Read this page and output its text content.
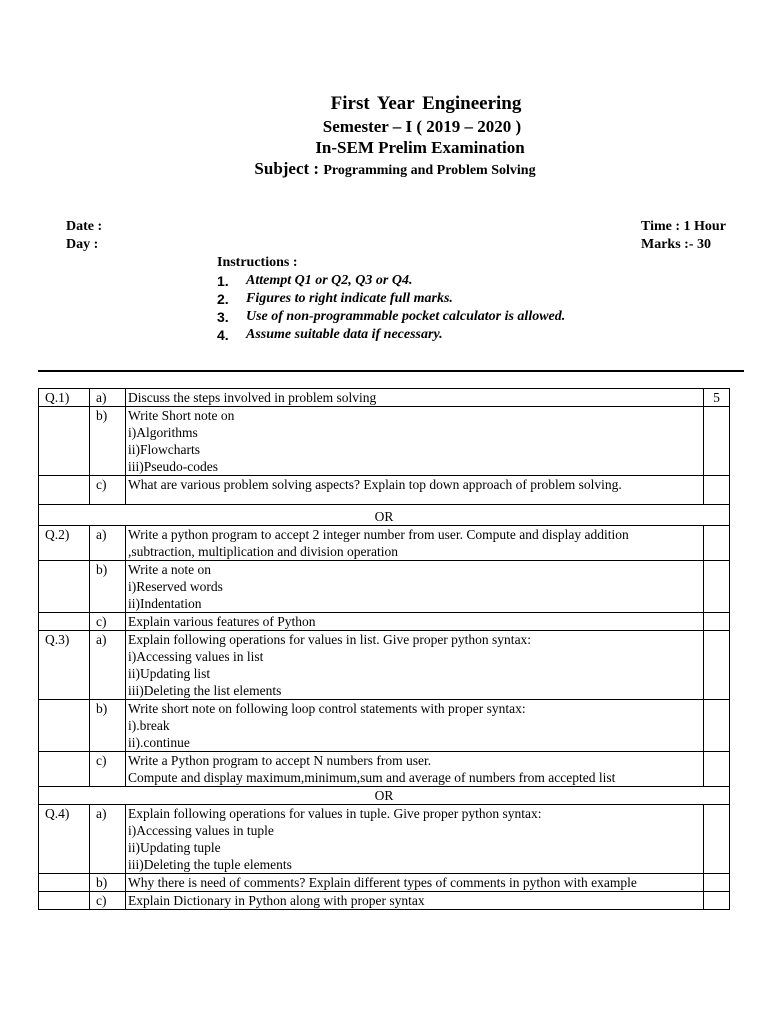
First Year Engineering
Semester – I ( 2019 – 2020 )
In-SEM Prelim Examination
Subject : Programming and Problem Solving
Date :
Day :
Time : 1 Hour
Marks :- 30
Instructions :
1.	Attempt Q1 or Q2, Q3 or Q4.
2.	Figures to right indicate full marks.
3.	Use of non-programmable pocket calculator is allowed.
4.	Assume suitable data if necessary.
Q.1)	a)	Discuss the steps involved in problem solving	5
	b)	Write Short note on
i)Algorithms
ii)Flowcharts
iii)Pseudo-codes	

	c)	What are various problem solving aspects? Explain top down approach of problem solving.	

OR			
Q.2)	a)	Write a python program to accept 2 integer number from user. Compute and display addition
,subtraction, multiplication and division operation	

	b)	Write a note on
i)Reserved words
ii)Indentation	

	c)	Explain various features of Python	

Q.3)	a)	Explain following operations for values in list. Give proper python syntax:
i)Accessing values in list
ii)Updating list
iii)Deleting the list elements	

	b)	Write short note on following loop control statements with proper syntax:
i).break
ii).continue	

	c)	Write a Python program to accept N numbers from user.
Compute and display maximum,minimum,sum and average of numbers from accepted list	

OR			
Q.4)	a)	Explain following operations for values in tuple. Give proper python syntax:
i)Accessing values in tuple
ii)Updating tuple
iii)Deleting the tuple elements	

	b)	Why there is need of comments? Explain different types of comments in python with example	

	c)	Explain Dictionary in Python along with proper syntax	
